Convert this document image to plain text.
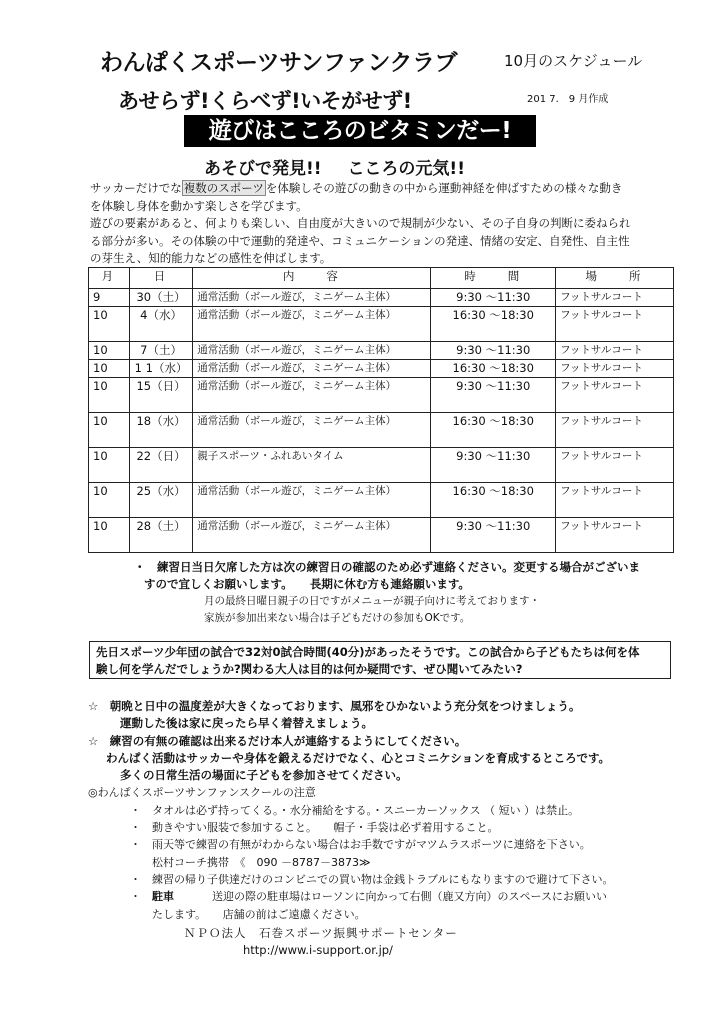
わんぱくスポーツサンファンクラブ	10月のスケジュール
あせらず!くらべず!いそがせず!	201 7． 9 月作成
遊びはこころのビタミンだー!
あそびで発見!! こころの元気!!

サッカーだけでな 複数のスポーツ を体験しその遊びの動きの中から運動神経を伸ばすための様々な動き

を体験し身体を動かす楽しさを学びます。

遊びの要素があると、何よりも楽しい、自由度が大きいので規制が少ない、その子自身の判断に委ねられ

る部分が多い。その体験の中で運動的発達や、コミュニケーションの発達、情緒の安定、自発性、自主性

の芽生え、知的能力などの感性を伸ばします。

月	日	内　　容	時　　間	場　　所
9	30（土）	通常活動（ボール遊び，ミニゲーム主体）	9:30 ～11:30	フットサルコート
10	4（水）	通常活動（ボール遊び，ミニゲーム主体）	16:30 ～18:30	フットサルコート
10	7（土）	通常活動（ボール遊び，ミニゲーム主体）	9:30 ～11:30	フットサルコート
10	1 1（水）	通常活動（ボール遊び，ミニゲーム主体）	16:30 ～18:30	フットサルコート
10	15（日）	通常活動（ボール遊び，ミニゲーム主体）	9:30 ～11:30	フットサルコート
10	18（水）	通常活動（ボール遊び，ミニゲーム主体）	16:30 ～18:30	フットサルコート
10	22（日）	親子スポーツ・ふれあいタイム	9:30 ～11:30	フットサルコート
10	25（水）	通常活動（ボール遊び，ミニゲーム主体）	16:30 ～18:30	フットサルコート
10	28（土）	通常活動（ボール遊び，ミニゲーム主体）	9:30 ～11:30	フットサルコート
・　練習日当日欠席した方は次の練習日の確認のため必ず連絡ください。変更する場合がございま
すので宜しくお願いします。　　長期に休む方も連絡願います。
月の最終日曜日親子の日ですがメニューが親子向けに考えております・
家族が参加出来ない場合は子どもだけの参加もOKです。
先日スポーツ少年団の試合で32対0試合時間(40分)があったそうです。この試合から子どもたちは何を体
験し何を学んだでしょうか?関わる大人は目的は何か疑問です、ぜひ聞いてみたい?
☆　朝晩と日中の温度差が大きくなっております、風邪をひかないよう充分気をつけましょう。
運動した後は家に戻ったら早く着替えましょう。
☆　練習の有無の確認は出来るだけ本人が連絡するようにしてください。
わんぱく活動はサッカーや身体を鍛えるだけでなく、心とコミニケションを育成するところです。
多くの日常生活の場面に子どもを参加させてください。
◎わんぱくスポーツサンファンスクールの注意
・ タオルは必ず持ってくる。・水分補給をする。・スニーカーソックス （ 短い ）は禁止。
・ 動きやすい服装で参加すること。　　帽子・手袋は必ず着用すること。
・ 雨天等で練習の有無がわからない場合はお手数ですがマツムラスポーツに連絡を下さい。
松村コーチ携帯　《　090 －8787－3873≫
・ 練習の帰り子供達だけのコンビニでの買い物は金銭トラブルにもなりますので避けて下さい。
・ 駐車	送迎の際の駐車場はローソンに向かって右側（鹿又方向）のスペースにお願いい
たします。　　店舗の前はご遠慮ください。
ＮＰＯ法人　石巻スポーツ振興サポートセンター
http://www.i-support.or.jp/
